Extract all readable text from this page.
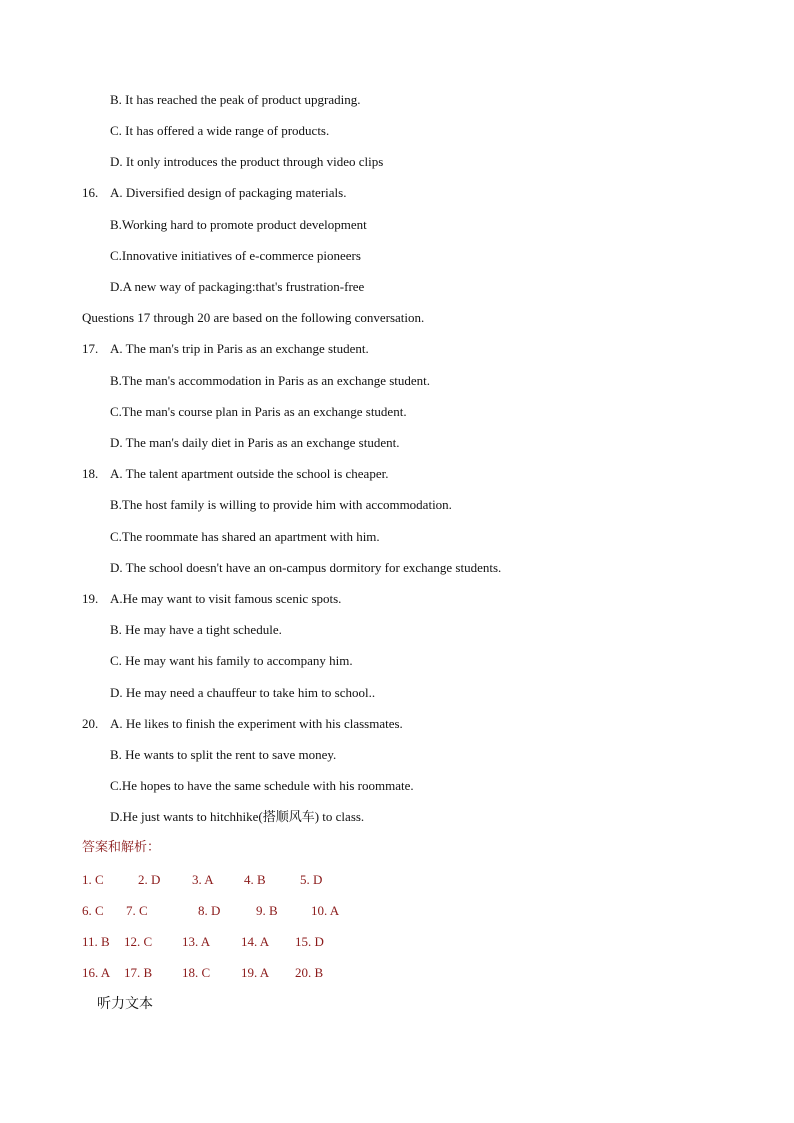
B. It has reached the peak of product upgrading.
C. It has offered a wide range of products.
D. It only introduces the product through video clips
16. A. Diversified design of packaging materials.
B.Working hard to promote product development
C.Innovative initiatives of e-commerce pioneers
D.A new way of packaging:that's frustration-free
Questions 17 through 20 are based on the following conversation.
17. A. The man's trip in Paris as an exchange student.
B.The man's accommodation in Paris as an exchange student.
C.The man's course plan in Paris as an exchange student.
D. The man's daily diet in Paris as an exchange student.
18. A. The talent apartment outside the school is cheaper.
B.The host family is willing to provide him with accommodation.
C.The roommate has shared an apartment with him.
D. The school doesn't have an on-campus dormitory for exchange students.
19. A.He may want to visit famous scenic spots.
B. He may have a tight schedule.
C. He may want his family to accompany him.
D. He may need a chauffeur to take him to school..
20. A. He likes to finish the experiment with his classmates.
B. He wants to split the rent to save money.
C.He hopes to have the same schedule with his roommate.
D.He just wants to hitchhike(搭顺风车) to class.
答案和解析：
1. C	2. D 3. A 4. B	5. D
6. C 7. C	8. D	9. B	10. A
11. B 12. C 13. A 14. A 15. D
16. A 17. B 18. C 19. A 20. B
听力文本
